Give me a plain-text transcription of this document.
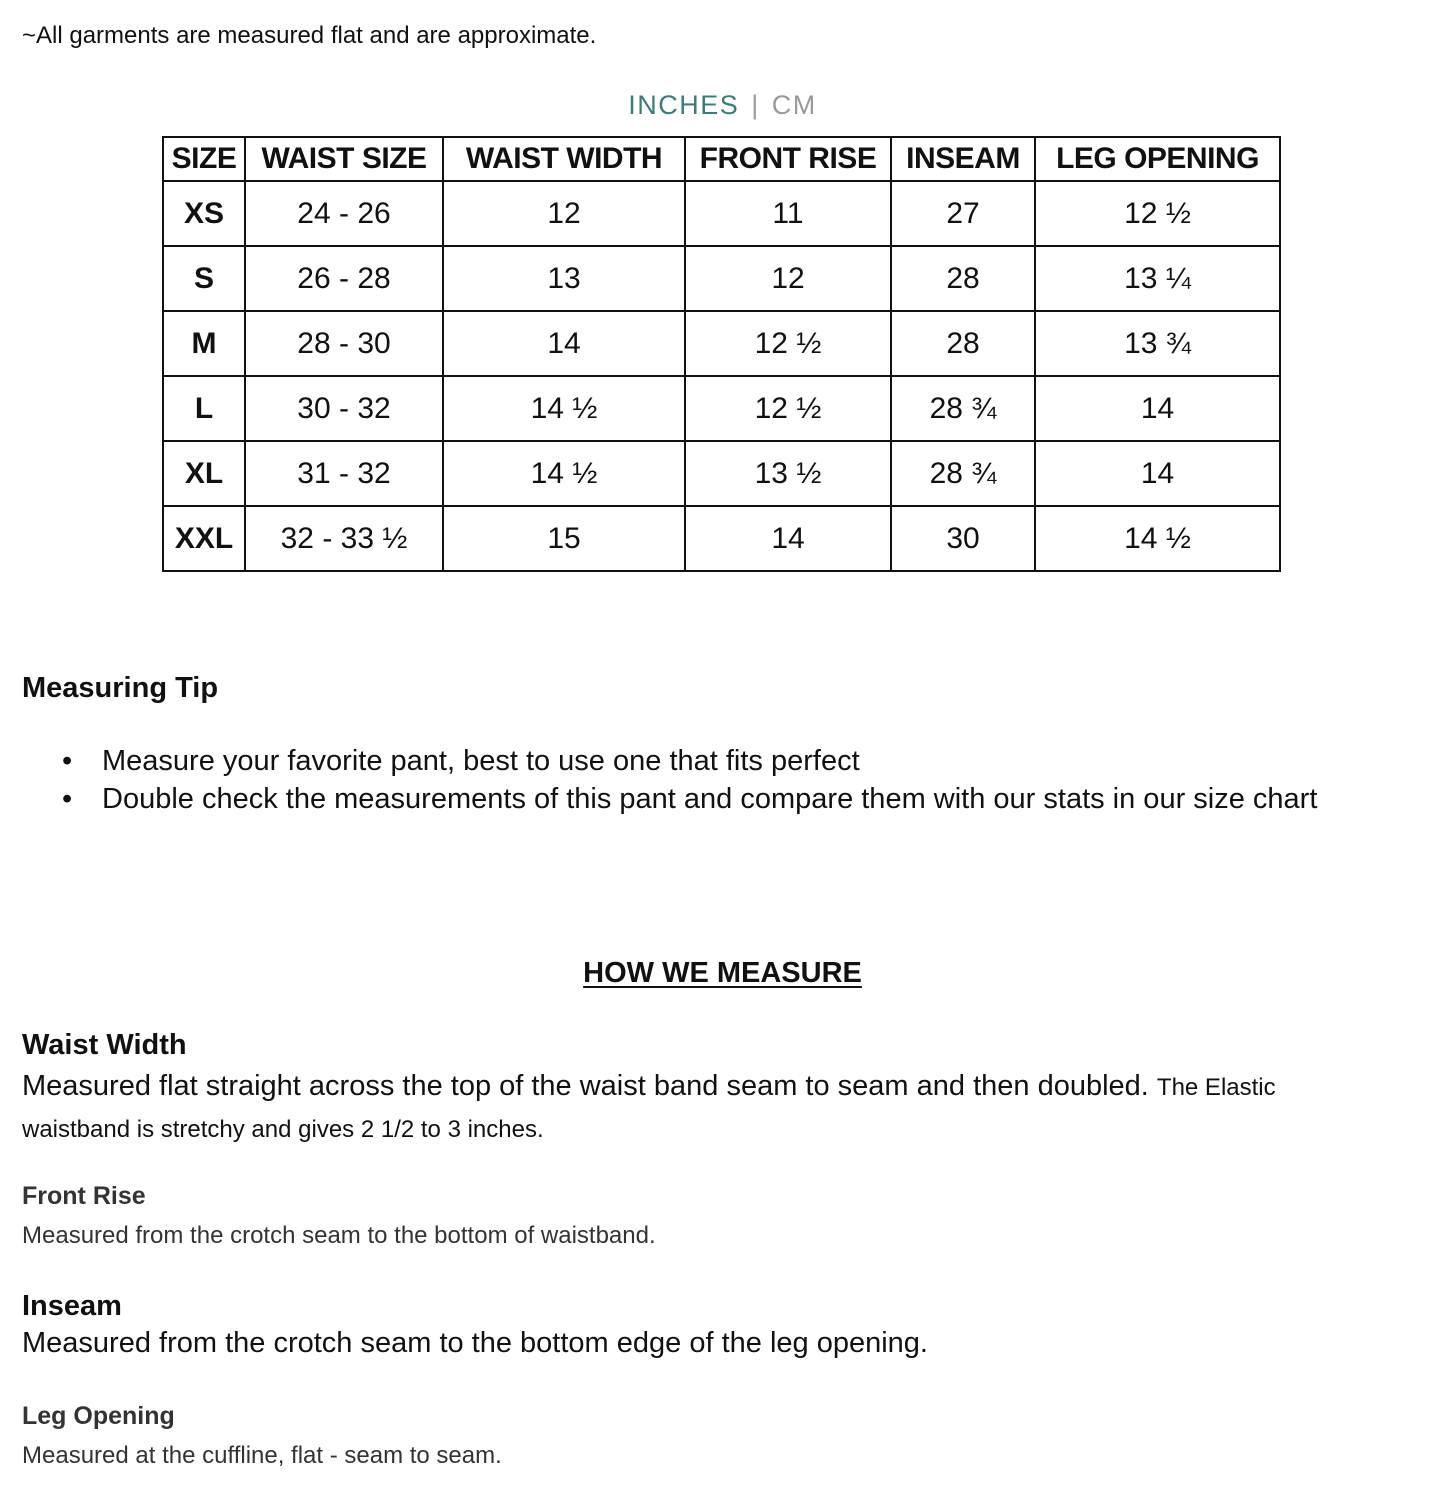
~All garments are measured flat and are approximate.
INCHES | CM
SIZE	WAIST SIZE	WAIST WIDTH	FRONT RISE	INSEAM	LEG OPENING
XS	24 - 26	12	11	27	12 ½
S	26 - 28	13	12	28	13 ¼
M	28 - 30	14	12 ½	28	13 ¾
L	30 - 32	14 ½	12 ½	28 ¾	14
XL	31 - 32	14 ½	13 ½	28 ¾	14
XXL	32 - 33 ½	15	14	30	14 ½
Measuring Tip
• Measure your favorite pant, best to use one that fits perfect
• Double check the measurements of this pant and compare them with our stats in our size chart
HOW WE MEASURE
Waist Width
Measured flat straight across the top of the waist band seam to seam and then doubled. The Elastic waistband is stretchy and gives 2 1/2 to 3 inches.
Front Rise
Measured from the crotch seam to the bottom of waistband.
Inseam
Measured from the crotch seam to the bottom edge of the leg opening.
Leg Opening
Measured at the cuffline, flat - seam to seam.
